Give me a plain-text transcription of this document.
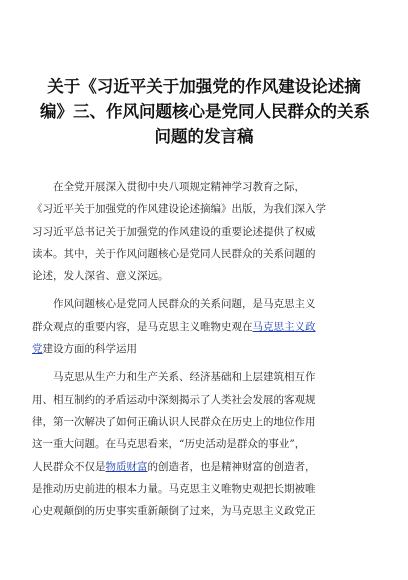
关于《习近平关于加强党的作风建设论述摘
编》三、作风问题核心是党同人民群众的关系
问题的发言稿
　　在全党开展深入贯彻中央八项规定精神学习教育之际，
《习近平关于加强党的作风建设论述摘编》出版，为我们深入学
习习近平总书记关于加强党的作风建设的重要论述提供了权威
读本。其中，关于作风问题核心是党同人民群众的关系问题的
论述，发人深省、意义深远。
　　作风问题核心是党同人民群众的关系问题，是马克思主义
群众观点的重要内容，是马克思主义唯物史观在马克思主义政
党建设方面的科学运用
　　马克思从生产力和生产关系、经济基础和上层建筑相互作
用、相互制约的矛盾运动中深刻揭示了人类社会发展的客观规
律，第一次解决了如何正确认识人民群众在历史上的地位作用
这一重大问题。在马克思看来，“历史活动是群众的事业”，
人民群众不仅是物质财富的创造者，也是精神财富的创造者，
是推动历史前进的根本力量。马克思主义唯物史观把长期被唯
心史观颠倒的历史事实重新颠倒了过来，为马克思主义政党正
